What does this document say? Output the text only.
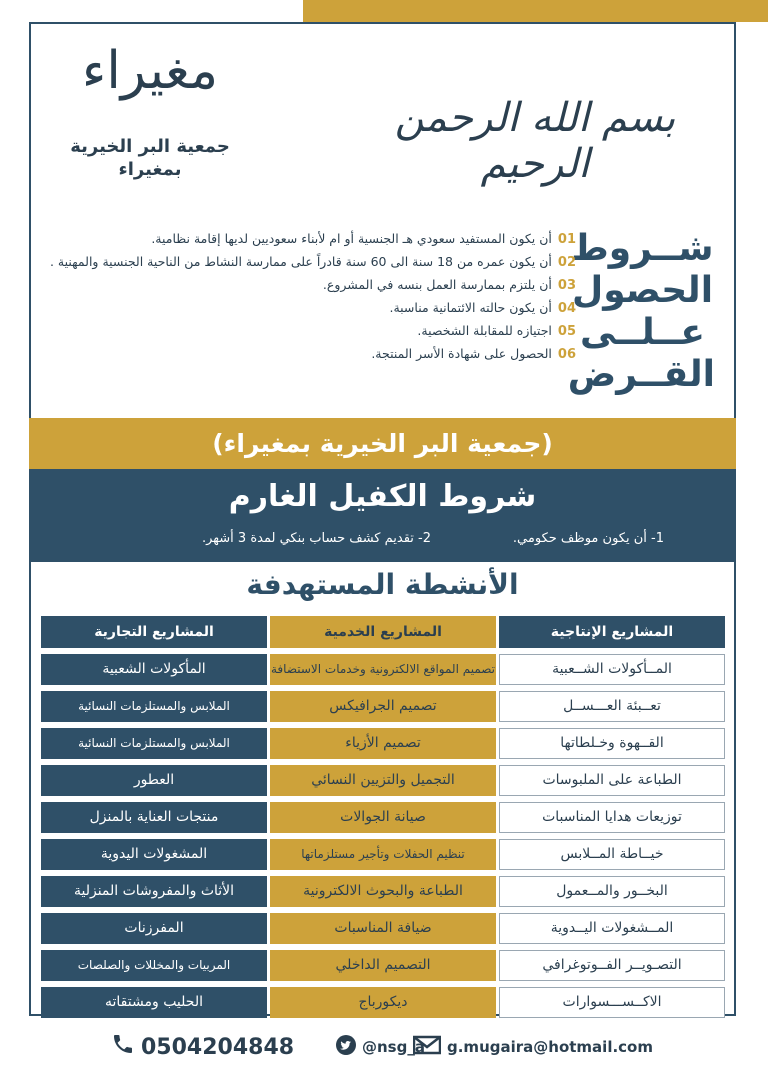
مغيراء
جمعية البر الخيرية
بمغيراء
بسم الله الرحمن الرحيم
شــروط
الحصول
عــلــى
القــرض
01أن يكون المستفيد سعودي هـ الجنسية أو ام لأبناء سعوديين لديها إقامة نظامية.
02أن يكون عمره من 18 سنة الى 60 سنة قادراً على ممارسة النشاط من الناحية الجنسية والمهنية .
03أن يلتزم بممارسة العمل بنسه في المشروع.
04أن يكون حالته الائتمانية مناسبة.
05اجتيازه للمقابلة الشخصية.
06الحصول على شهادة الأسر المنتجة.
(جمعية البر الخيرية بمغيراء)
شروط الكفيل الغارم
1- أن يكون موظف حكومي.
2- تقديم كشف حساب بنكي لمدة 3 أشهر.
الأنشطة المستهدفة
المشاريع الإنتاجية
المــأكولات الشــعبية
تعــبئة العـــســل
القــهوة وخـلطاتها
الطباعة على الملبوسات
توزيعات هدايا المناسبات
خيــاطة المــلابس
البخــور والمــعمول
المــشغولات اليــدوية
التصـويــر الفــوتوغرافي
الاكــســـسوارات
المشاريع الخدمية
تصميم المواقع الالكترونية وخدمات الاستضافة
تصميم الجرافيكس
تصميم الأزياء
التجميل والتزيين النسائي
صيانة الجوالات
تنظيم الحفلات وتأجير مستلزماتها
الطباعة والبحوث الالكترونية
ضيافة المناسبات
التصميم الداخلي
ديكورباج
المشاريع التجارية
المأكولات الشعبية
الملابس والمستلزمات النسائية
الملابس والمستلزمات النسائية
العطور
منتجات العناية بالمنزل
المشغولات اليدوية
الأثاث والمفروشات المنزلية
المفرزنات
المربيات والمخللات والصلصات
الحليب ومشتقاته
0504204848	@nsg_a g.mugaira@hotmail.com
